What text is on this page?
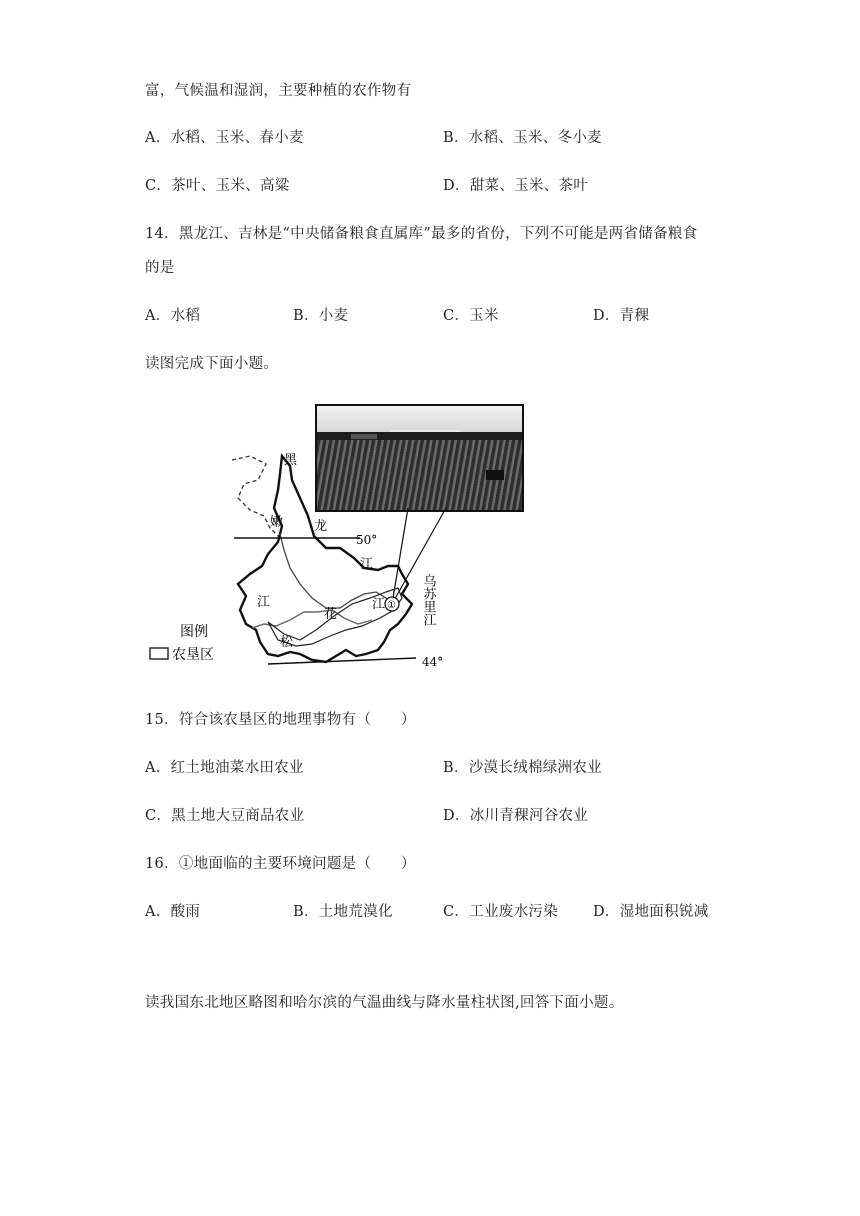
富，气候温和湿润，主要种植的农作物有
A．水稻、玉米、春小麦	B．水稻、玉米、冬小麦
C．茶叶、玉米、高粱	D．甜菜、玉米、茶叶
14．黑龙江、吉林是“中央储备粮食直属库”最多的省份，下列不可能是两省储备粮食
的是
A．水稻	B．小麦	C．玉米	D．青稞
读图完成下面小题。
黑
嫩 龙
50°
江
江
松
花
江 ①
44°
乌苏里江
图例
农垦区
15．符合该农垦区的地理事物有（　　）
A．红土地油菜水田农业	B．沙漠长绒棉绿洲农业
C．黑土地大豆商品农业	D．冰川青稞河谷农业
16．①地面临的主要环境问题是（　　）
A．酸雨	B．土地荒漠化	C．工业废水污染 D．湿地面积锐减
读我国东北地区略图和哈尔滨的气温曲线与降水量柱状图,回答下面小题。
